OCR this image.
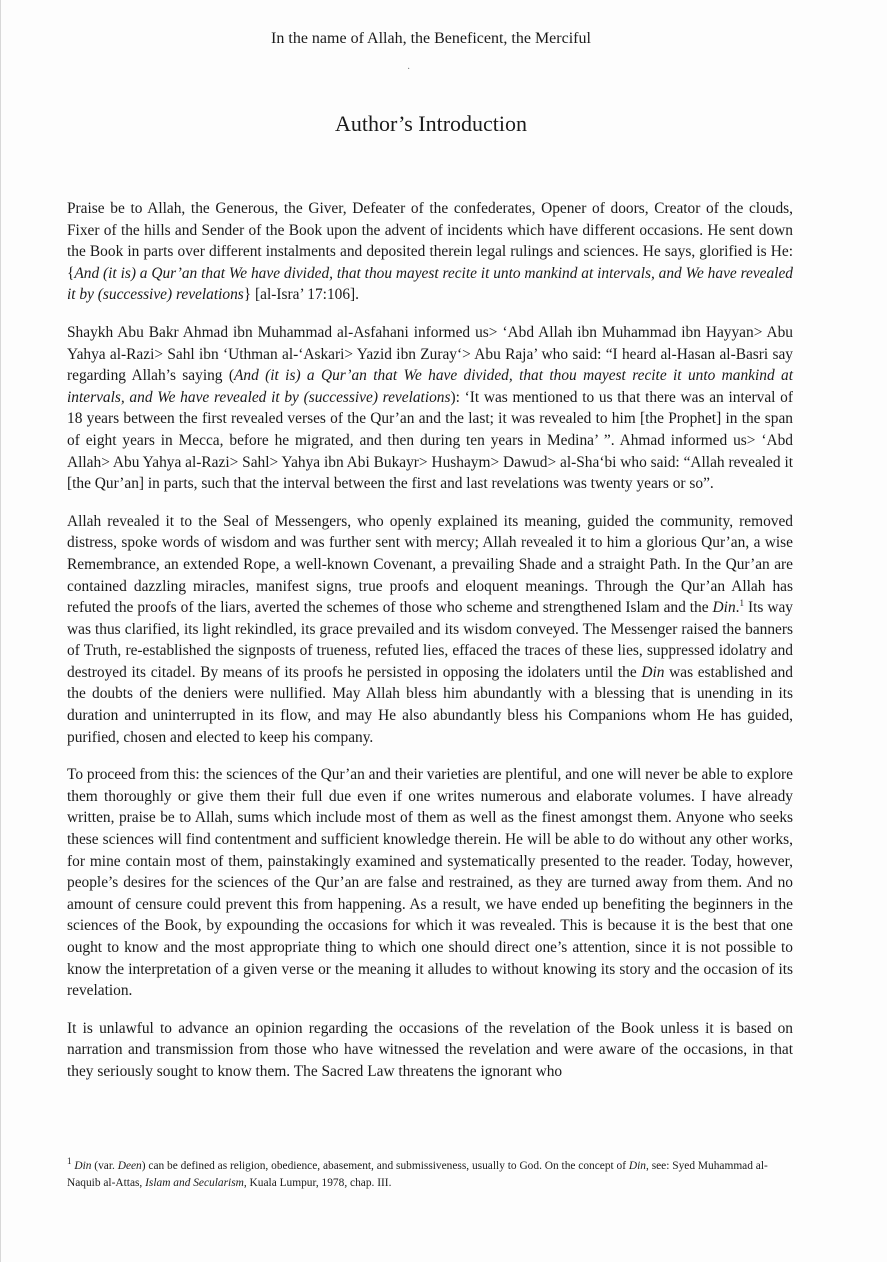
In the name of Allah, the Beneficent, the Merciful
·
Author’s Introduction

Praise be to Allah, the Generous, the Giver, Defeater of the confederates, Opener of doors, Creator of the clouds, Fixer of the hills and Sender of the Book upon the advent of incidents which have different occasions. He sent down the Book in parts over different instalments and deposited therein legal rulings and sciences. He says, glorified is He: {And (it is) a Qur’an that We have divided, that thou mayest recite it unto mankind at intervals, and We have revealed it by (successive) revelations} [al-Isra’ 17:106].

Shaykh Abu Bakr Ahmad ibn Muhammad al-Asfahani informed us> ‘Abd Allah ibn Muhammad ibn Hayyan> Abu Yahya al-Razi> Sahl ibn ‘Uthman al-‘Askari> Yazid ibn Zuray‘> Abu Raja’ who said: “I heard al-Hasan al-Basri say regarding Allah’s saying (And (it is) a Qur’an that We have divided, that thou mayest recite it unto mankind at intervals, and We have revealed it by (successive) revelations): ‘It was mentioned to us that there was an interval of 18 years between the first revealed verses of the Qur’an and the last; it was revealed to him [the Prophet] in the span of eight years in Mecca, before he migrated, and then during ten years in Medina’ ”. Ahmad informed us> ‘Abd Allah> Abu Yahya al-Razi> Sahl> Yahya ibn Abi Bukayr> Hushaym> Dawud> al-Sha‘bi who said: “Allah revealed it [the Qur’an] in parts, such that the interval between the first and last revelations was twenty years or so”.

Allah revealed it to the Seal of Messengers, who openly explained its meaning, guided the community, removed distress, spoke words of wisdom and was further sent with mercy; Allah revealed it to him a glorious Qur’an, a wise Remembrance, an extended Rope, a well-known Covenant, a prevailing Shade and a straight Path. In the Qur’an are contained dazzling miracles, manifest signs, true proofs and eloquent meanings. Through the Qur’an Allah has refuted the proofs of the liars, averted the schemes of those who scheme and strengthened Islam and the Din.$^1$ Its way was thus clarified, its light rekindled, its grace prevailed and its wisdom conveyed. The Messenger raised the banners of Truth, re-established the signposts of trueness, refuted lies, effaced the traces of these lies, suppressed idolatry and destroyed its citadel. By means of its proofs he persisted in opposing the idolaters until the Din was established and the doubts of the deniers were nullified. May Allah bless him abundantly with a blessing that is unending in its duration and uninterrupted in its flow, and may He also abundantly bless his Companions whom He has guided, purified, chosen and elected to keep his company.

To proceed from this: the sciences of the Qur’an and their varieties are plentiful, and one will never be able to explore them thoroughly or give them their full due even if one writes numerous and elaborate volumes. I have already written, praise be to Allah, sums which include most of them as well as the finest amongst them. Anyone who seeks these sciences will find contentment and sufficient knowledge therein. He will be able to do without any other works, for mine contain most of them, painstakingly examined and systematically presented to the reader. Today, however, people’s desires for the sciences of the Qur’an are false and restrained, as they are turned away from them. And no amount of censure could prevent this from happening. As a result, we have ended up benefiting the beginners in the sciences of the Book, by expounding the occasions for which it was revealed. This is because it is the best that one ought to know and the most appropriate thing to which one should direct one’s attention, since it is not possible to know the interpretation of a given verse or the meaning it alludes to without knowing its story and the occasion of its revelation.

It is unlawful to advance an opinion regarding the occasions of the revelation of the Book unless it is based on narration and transmission from those who have witnessed the revelation and were aware of the occasions, in that they seriously sought to know them. The Sacred Law threatens the ignorant who

$^1$ Din (var. Deen) can be defined as religion, obedience, abasement, and submissiveness, usually to God. On the concept of Din, see: Syed Muhammad al-Naquib al-Attas, Islam and Secularism, Kuala Lumpur, 1978, chap. III.
